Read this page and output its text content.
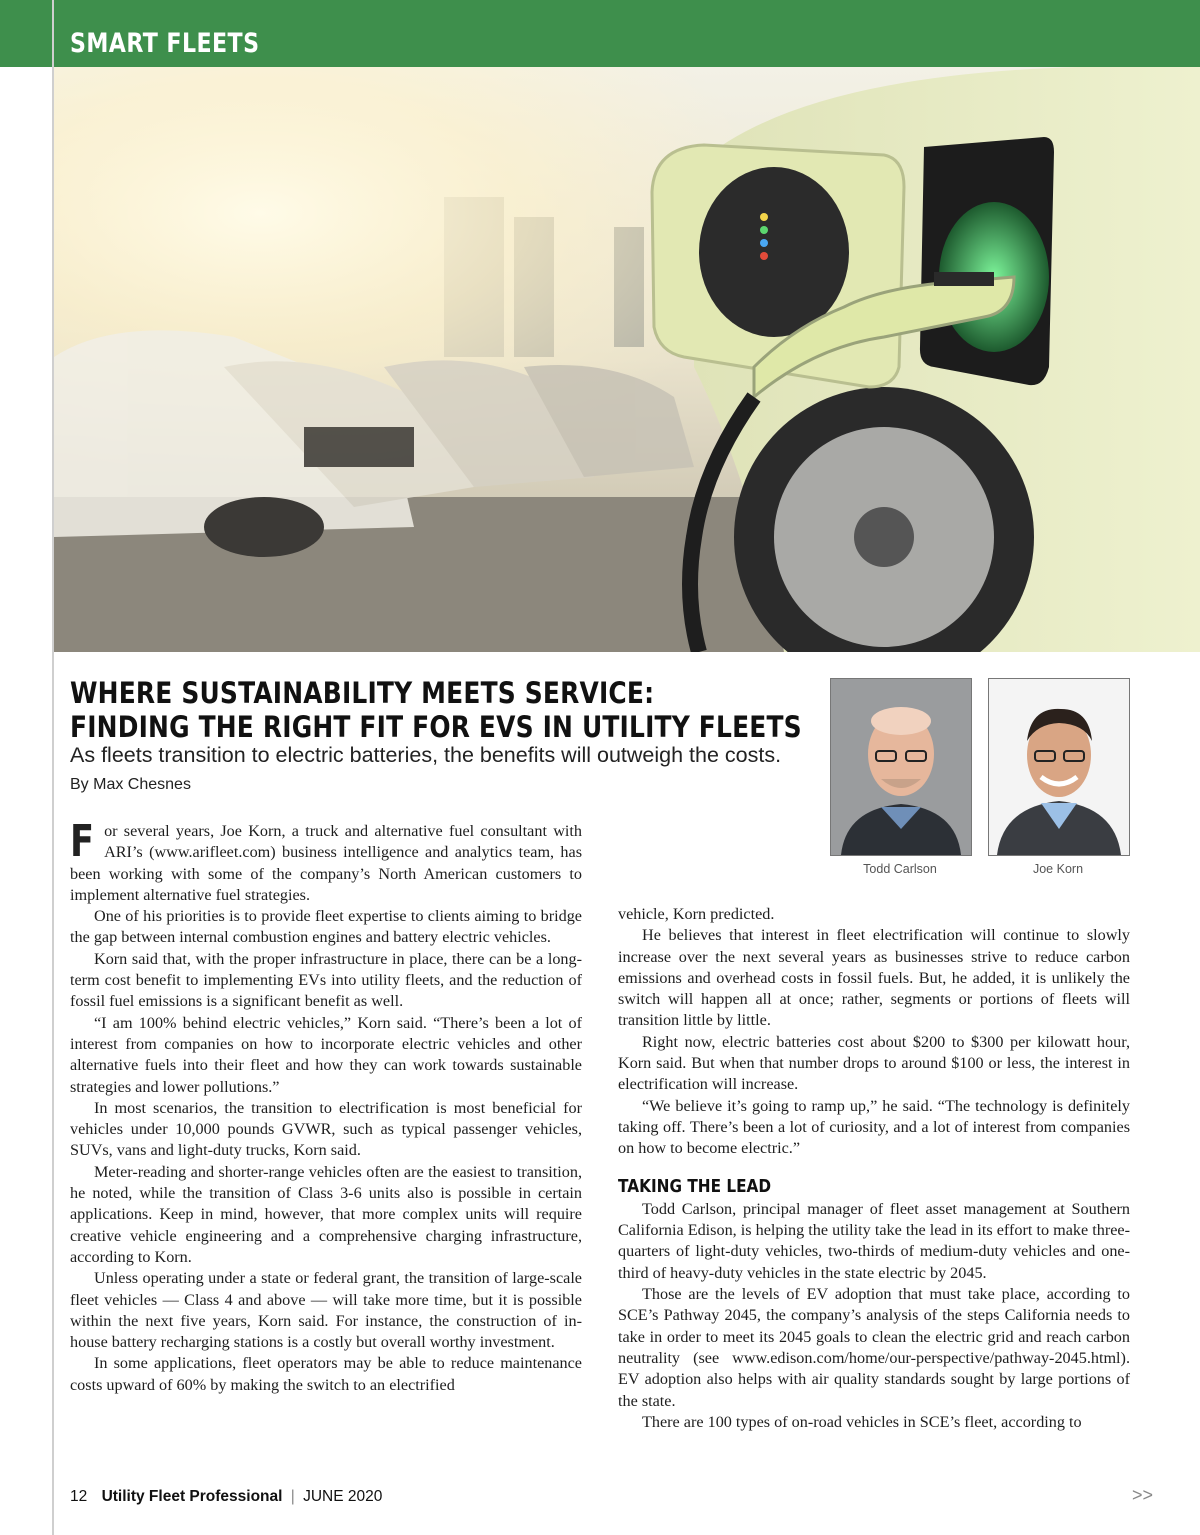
SMART FLEETS
WHERE SUSTAINABILITY MEETS SERVICE:
FINDING THE RIGHT FIT FOR EVS IN UTILITY FLEETS
As fleets transition to electric batteries, the benefits will outweigh the costs.
By Max Chesnes
Todd Carlson	Joe Korn

For several years, Joe Korn, a truck and alternative fuel consultant with ARI’s (www.arifleet.com) business intelligence and analytics team, has been working with some of the company’s North American customers to implement alternative fuel strategies.

One of his priorities is to provide fleet expertise to clients aiming to bridge the gap between internal combustion engines and battery electric vehicles.

Korn said that, with the proper infrastructure in place, there can be a long-term cost benefit to implementing EVs into utility fleets, and the reduction of fossil fuel emissions is a significant benefit as well.

“I am 100% behind electric vehicles,” Korn said. “There’s been a lot of interest from companies on how to incorporate electric vehicles and other alternative fuels into their fleet and how they can work towards sustainable strategies and lower pollutions.”

In most scenarios, the transition to electrification is most beneficial for vehicles under 10,000 pounds GVWR, such as typical passenger vehicles, SUVs, vans and light-duty trucks, Korn said.

Meter-reading and shorter-range vehicles often are the easiest to transition, he noted, while the transition of Class 3-6 units also is possible in certain applications. Keep in mind, however, that more complex units will require creative vehicle engineering and a comprehensive charging infrastructure, according to Korn.

Unless operating under a state or federal grant, the transition of large-scale fleet vehicles — Class 4 and above — will take more time, but it is possible within the next five years, Korn said. For instance, the construction of in-house battery recharging stations is a costly but overall worthy investment.

In some applications, fleet operators may be able to reduce maintenance costs upward of 60% by making the switch to an electrified

vehicle, Korn predicted.

He believes that interest in fleet electrification will continue to slowly increase over the next several years as businesses strive to reduce carbon emissions and overhead costs in fossil fuels. But, he added, it is unlikely the switch will happen all at once; rather, segments or portions of fleets will transition little by little.

Right now, electric batteries cost about $200 to $300 per kilowatt hour, Korn said. But when that number drops to around $100 or less, the interest in electrification will increase.

“We believe it’s going to ramp up,” he said. “The technology is definitely taking off. There’s been a lot of curiosity, and a lot of interest from companies on how to become electric.”

TAKING THE LEAD

Todd Carlson, principal manager of fleet asset management at Southern California Edison, is helping the utility take the lead in its effort to make three-quarters of light-duty vehicles, two-thirds of medium-duty vehicles and one-third of heavy-duty vehicles in the state electric by 2045.

Those are the levels of EV adoption that must take place, according to SCE’s Pathway 2045, the company’s analysis of the steps California needs to take in order to meet its 2045 goals to clean the electric grid and reach carbon neutrality (see www.edison.com/home/our-perspective/pathway-2045.html). EV adoption also helps with air quality standards sought by large portions of the state.

There are 100 types of on-road vehicles in SCE’s fleet, according to

>>
12 Utility Fleet Professional | JUNE 2020
